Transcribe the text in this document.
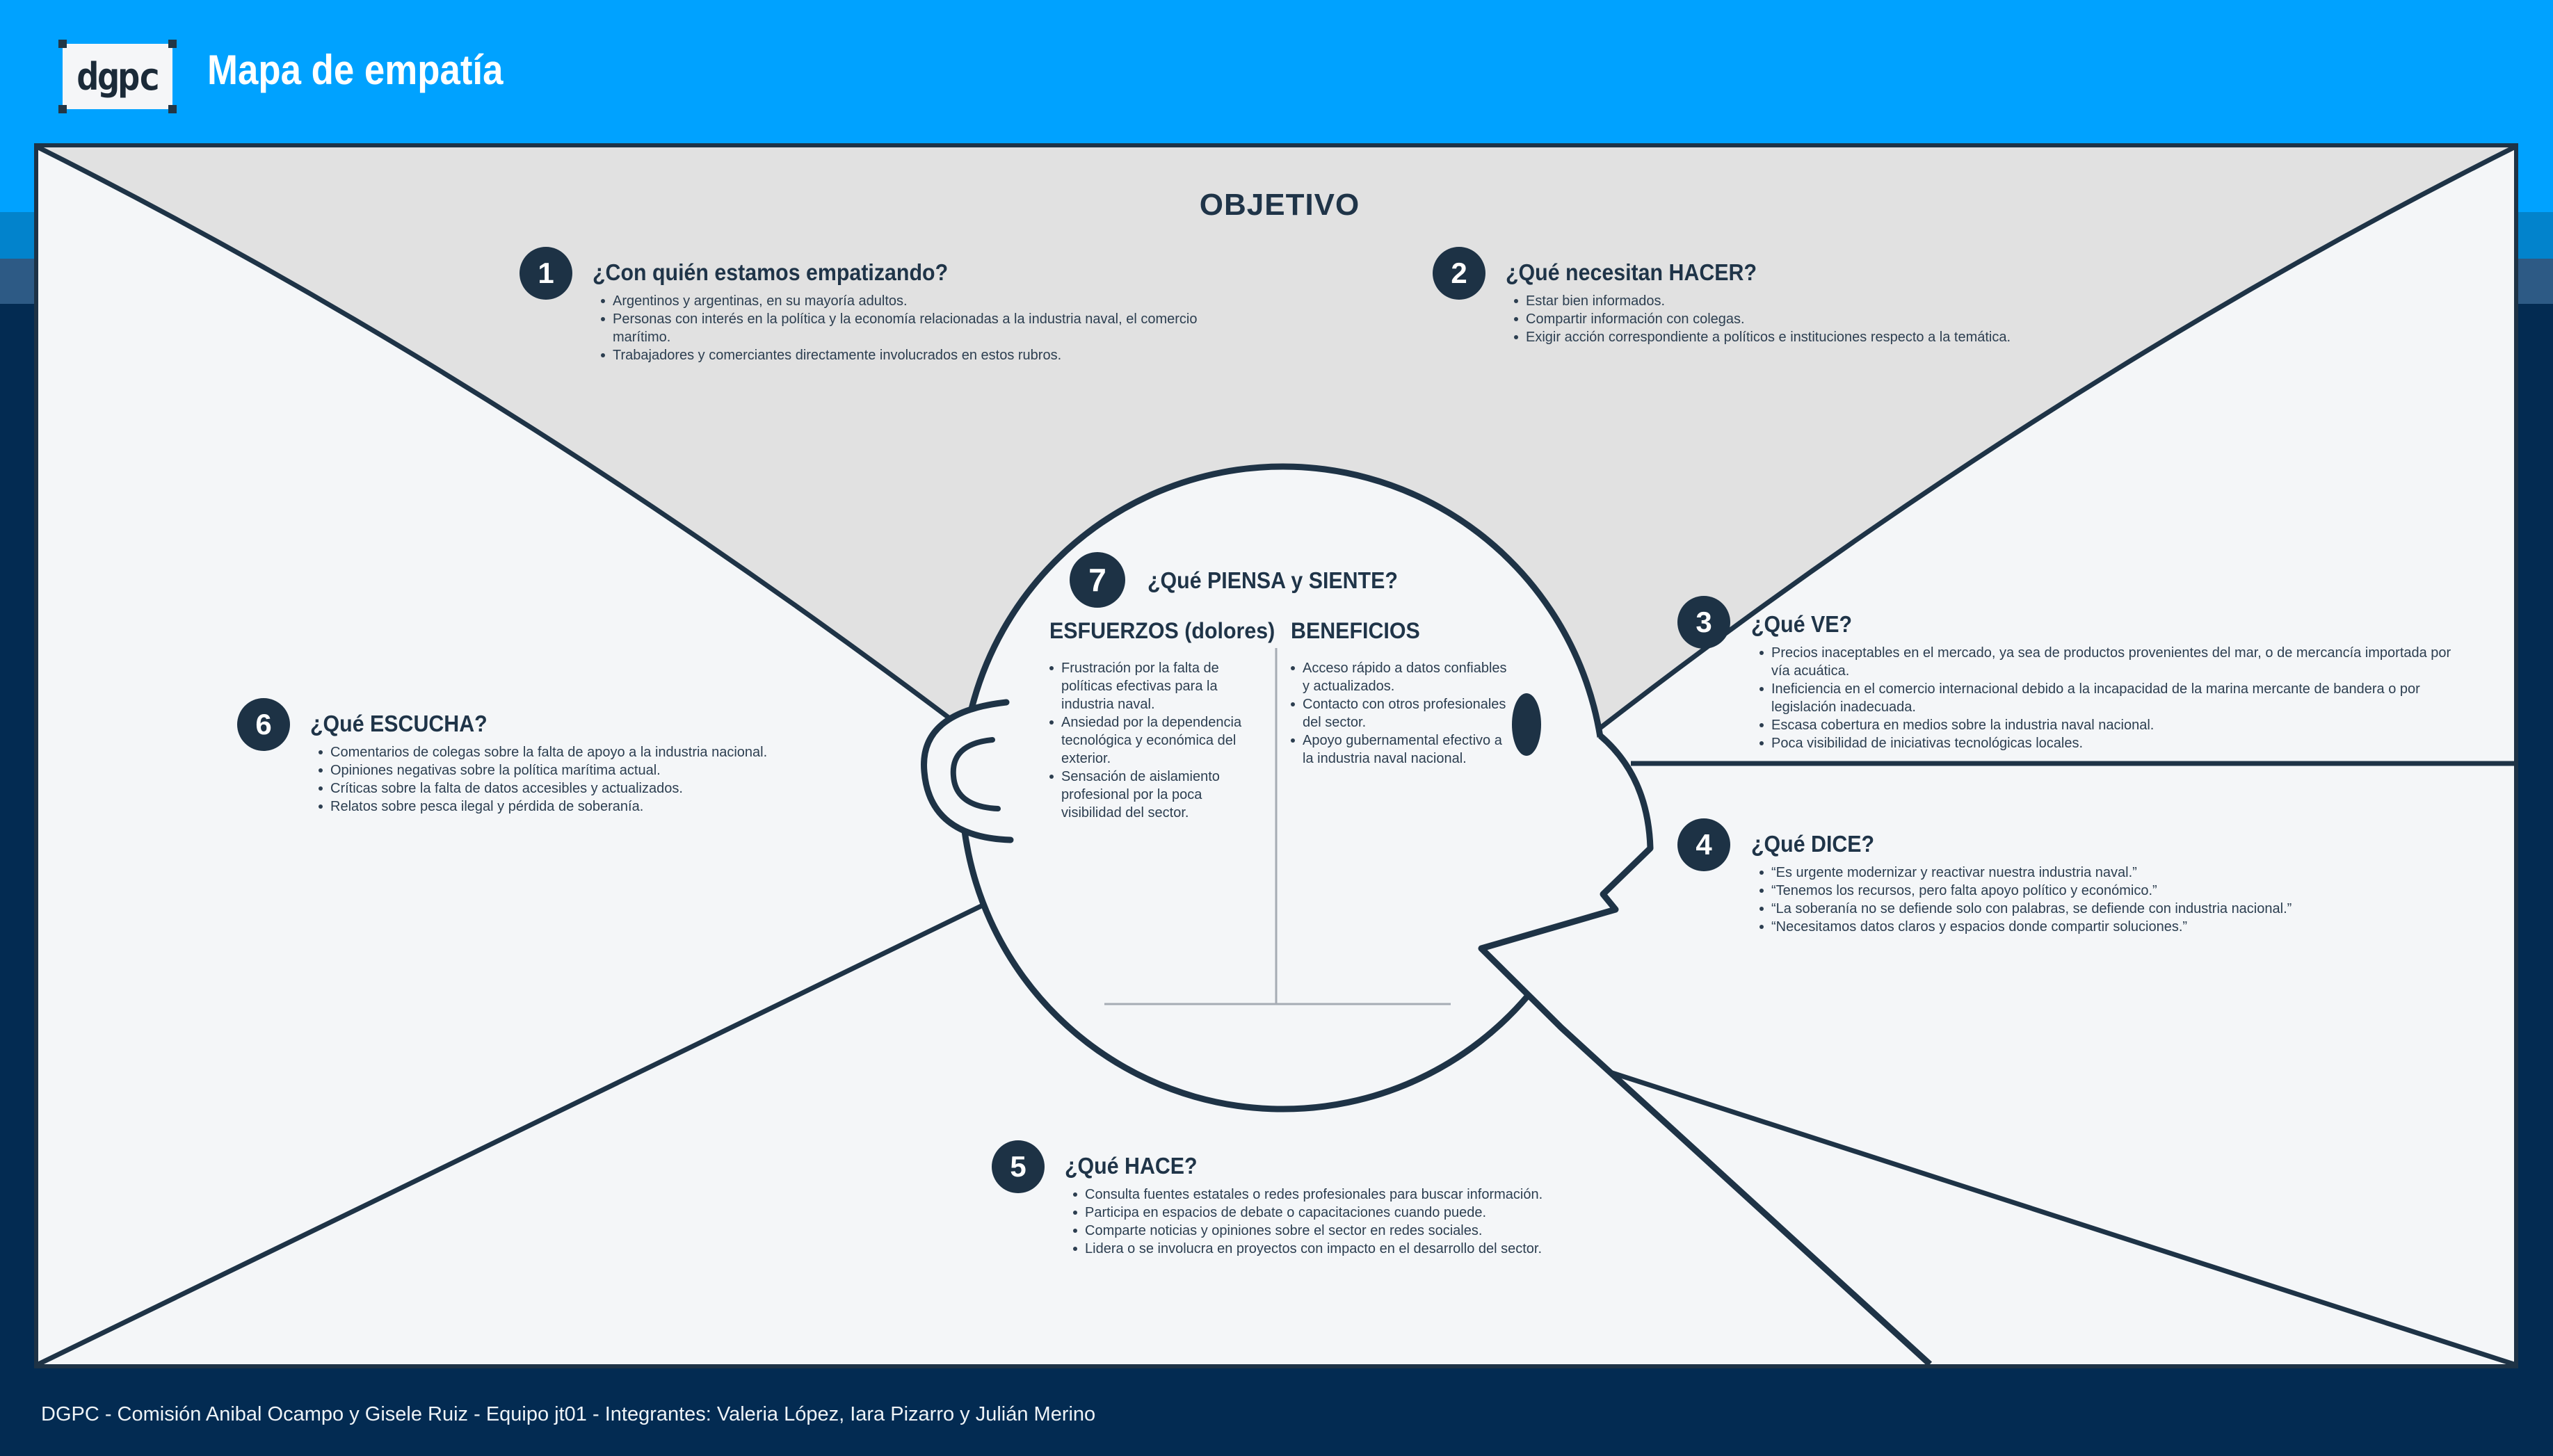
dgpc Mapa de empatía
OBJETIVO
1	¿Con quién estamos empatizando?
Argentinos y argentinas, en su mayoría adultos.
Personas con interés en la política y la economía relacionadas a la industria naval, el comercio marítimo.
Trabajadores y comerciantes directamente involucrados en estos rubros.
2	¿Qué necesitan HACER?
Estar bien informados.
Compartir información con colegas.
Exigir acción correspondiente a políticos e instituciones respecto a la temática.
3	¿Qué VE?
Precios inaceptables en el mercado, ya sea de productos provenientes del mar, o de mercancía importada por vía acuática.
Ineficiencia en el comercio internacional debido a la incapacidad de la marina mercante de bandera o por legislación inadecuada.
Escasa cobertura en medios sobre la industria naval nacional.
Poca visibilidad de iniciativas tecnológicas locales.
4	¿Qué DICE?
“Es urgente modernizar y reactivar nuestra industria naval.”
“Tenemos los recursos, pero falta apoyo político y económico.”
“La soberanía no se defiende solo con palabras, se defiende con industria nacional.”
“Necesitamos datos claros y espacios donde compartir soluciones.”
5	¿Qué HACE?
Consulta fuentes estatales o redes profesionales para buscar información.
Participa en espacios de debate o capacitaciones cuando puede.
Comparte noticias y opiniones sobre el sector en redes sociales.
Lidera o se involucra en proyectos con impacto en el desarrollo del sector.
6	¿Qué ESCUCHA?
Comentarios de colegas sobre la falta de apoyo a la industria nacional.
Opiniones negativas sobre la política marítima actual.
Críticas sobre la falta de datos accesibles y actualizados.
Relatos sobre pesca ilegal y pérdida de soberanía.
7	¿Qué PIENSA y SIENTE?
ESFUERZOS (dolores)
Frustración por la falta de políticas efectivas para la industria naval.
Ansiedad por la dependencia tecnológica y económica del exterior.
Sensación de aislamiento profesional por la poca visibilidad del sector.
BENEFICIOS
Acceso rápido a datos confiables y actualizados.
Contacto con otros profesionales del sector.
Apoyo gubernamental efectivo a la industria naval nacional.
DGPC - Comisión Anibal Ocampo y Gisele Ruiz - Equipo jt01 - Integrantes: Valeria López, Iara Pizarro y Julián Merino
